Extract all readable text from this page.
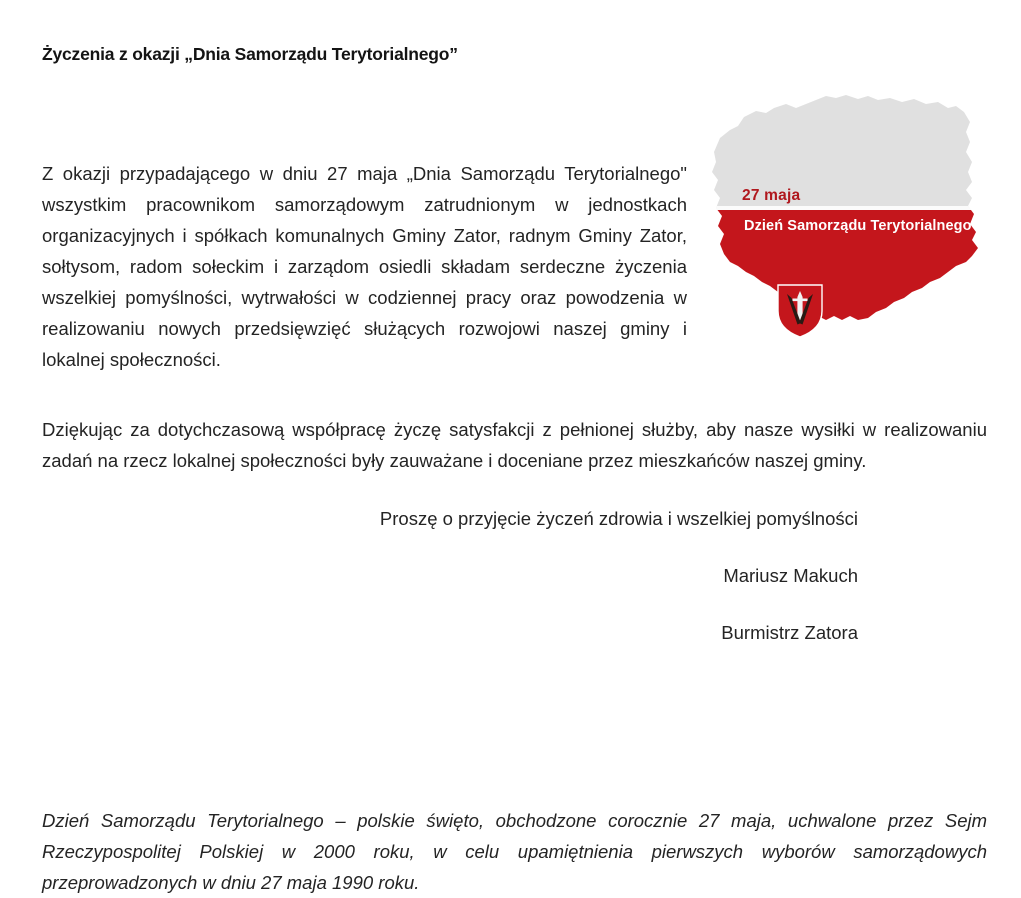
Życzenia z okazji „Dnia Samorządu Terytorialnego”
27 maja
Dzień Samorządu Terytorialnego

Z okazji przypadającego w dniu 27 maja „Dnia Samorządu Terytorialnego" wszystkim pracownikom samorządowym zatrudnionym w jednostkach organizacyjnych i spółkach komunalnych Gminy Zator, radnym Gminy Zator, sołtysom, radom sołeckim i zarządom osiedli składam serdeczne życzenia wszelkiej pomyślności, wytrwałości w codziennej pracy oraz powodzenia w realizowaniu nowych przedsięwzięć służących rozwojowi naszej gminy i lokalnej społeczności.

Dziękując za dotychczasową współpracę życzę satysfakcji z pełnionej służby, aby nasze wysiłki w realizowaniu zadań na rzecz lokalnej społeczności były zauważane i doceniane przez mieszkańców naszej gminy.

Proszę o przyjęcie życzeń zdrowia i wszelkiej pomyślności
Mariusz Makuch
Burmistrz Zatora

Dzień Samorządu Terytorialnego – polskie święto, obchodzone corocznie 27 maja, uchwalone przez Sejm Rzeczypospolitej Polskiej w 2000 roku, w celu upamiętnienia pierwszych wyborów samorządowych przeprowadzonych w dniu 27 maja 1990 roku.
